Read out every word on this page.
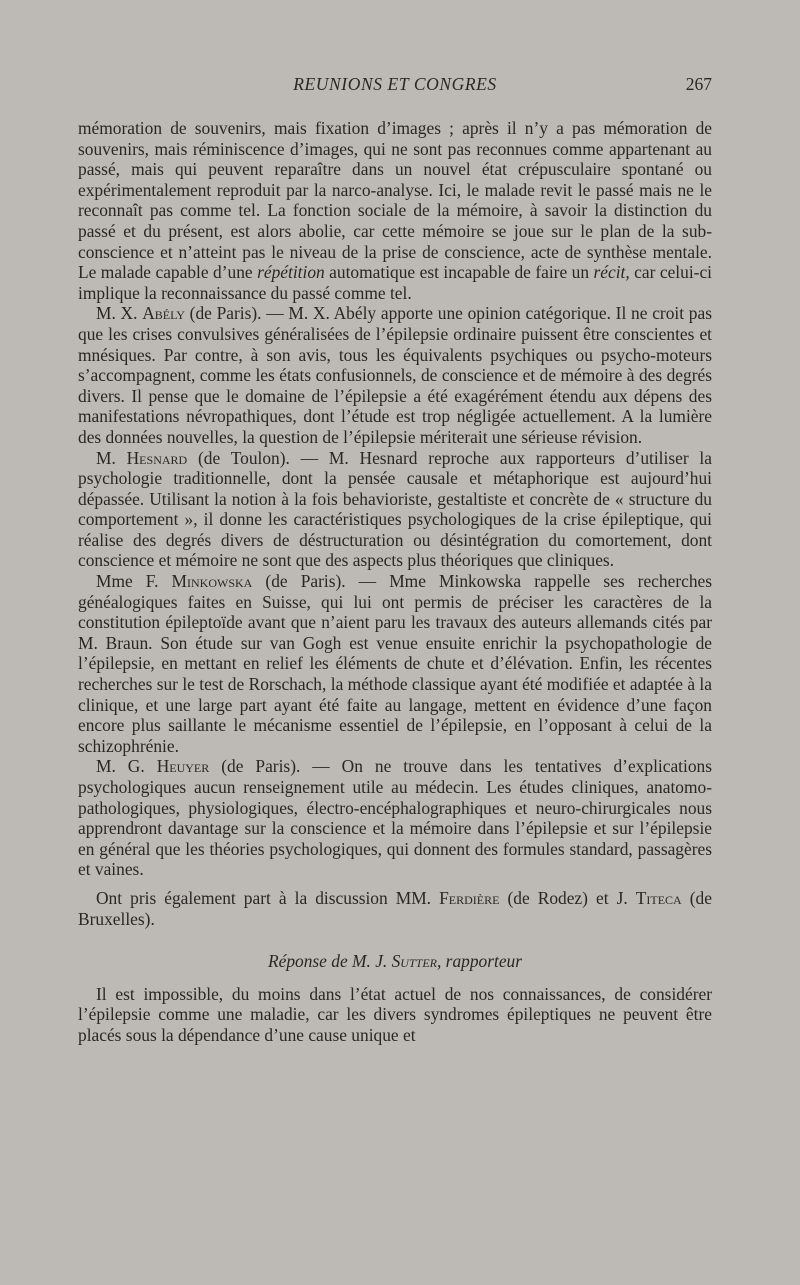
REUNIONS ET CONGRES	267

mémoration de souvenirs, mais fixation d’images ; après il n’y a pas mémoration de souvenirs, mais réminiscence d’images, qui ne sont pas reconnues comme appartenant au passé, mais qui peuvent reparaître dans un nouvel état crépusculaire spontané ou expérimentalement reproduit par la narco-analyse. Ici, le malade revit le passé mais ne le reconnaît pas comme tel. La fonction sociale de la mémoire, à savoir la distinction du passé et du présent, est alors abolie, car cette mémoire se joue sur le plan de la sub-conscience et n’atteint pas le niveau de la prise de conscience, acte de synthèse mentale. Le malade capable d’une répétition automatique est incapable de faire un récit, car celui-ci implique la reconnaissance du passé comme tel.

M. X. Abély (de Paris). — M. X. Abély apporte une opinion catégorique. Il ne croit pas que les crises convulsives généralisées de l’épilepsie ordinaire puissent être conscientes et mnésiques. Par contre, à son avis, tous les équivalents psychiques ou psycho-moteurs s’accompagnent, comme les états confusionnels, de conscience et de mémoire à des degrés divers. Il pense que le domaine de l’épilepsie a été exagérément étendu aux dépens des manifestations névropathiques, dont l’étude est trop négligée actuellement. A la lumière des données nouvelles, la question de l’épilepsie mériterait une sérieuse révision.

M. Hesnard (de Toulon). — M. Hesnard reproche aux rapporteurs d’utiliser la psychologie traditionnelle, dont la pensée causale et métaphorique est aujourd’hui dépassée. Utilisant la notion à la fois behavioriste, gestaltiste et concrète de « structure du comportement », il donne les caractéristiques psychologiques de la crise épileptique, qui réalise des degrés divers de déstructuration ou désintégration du comortement, dont conscience et mémoire ne sont que des aspects plus théoriques que cliniques.

Mme F. Minkowska (de Paris). — Mme Minkowska rappelle ses recherches généalogiques faites en Suisse, qui lui ont permis de préciser les caractères de la constitution épileptoïde avant que n’aient paru les travaux des auteurs allemands cités par M. Braun. Son étude sur van Gogh est venue ensuite enrichir la psychopathologie de l’épilepsie, en mettant en relief les éléments de chute et d’élévation. Enfin, les récentes recherches sur le test de Rorschach, la méthode classique ayant été modifiée et adaptée à la clinique, et une large part ayant été faite au langage, mettent en évidence d’une façon encore plus saillante le mécanisme essentiel de l’épilepsie, en l’opposant à celui de la schizophrénie.

M. G. Heuyer (de Paris). — On ne trouve dans les tentatives d’explications psychologiques aucun renseignement utile au médecin. Les études cliniques, anatomo-pathologiques, physiologiques, électro-encéphalographiques et neuro-chirurgicales nous apprendront davantage sur la conscience et la mémoire dans l’épilepsie et sur l’épilepsie en général que les théories psychologiques, qui donnent des formules standard, passagères et vaines.

Ont pris également part à la discussion MM. Ferdière (de Rodez) et J. Titeca (de Bruxelles).

Réponse de M. J. Sutter, rapporteur

Il est impossible, du moins dans l’état actuel de nos connaissances, de considérer l’épilepsie comme une maladie, car les divers syndromes épileptiques ne peuvent être placés sous la dépendance d’une cause unique et
